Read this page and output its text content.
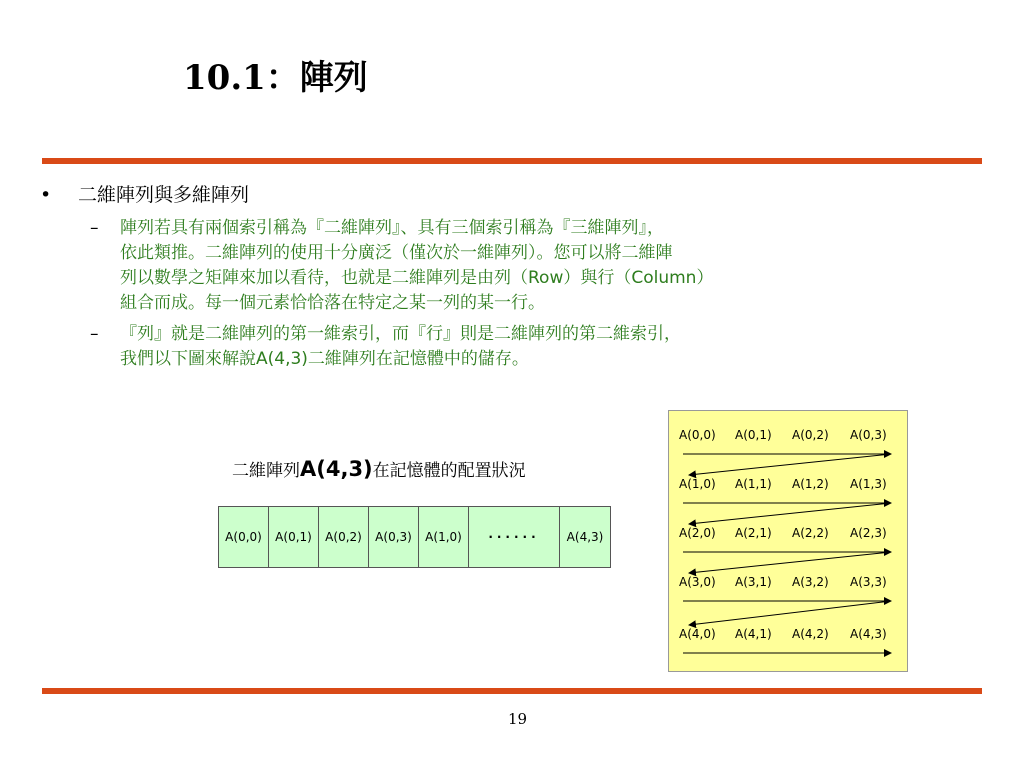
10.1：陣列
• 二維陣列與多維陣列
–	陣列若具有兩個索引稱為『二維陣列』、具有三個索引稱為『三維陣列』，
依此類推。二維陣列的使用十分廣泛（僅次於一維陣列）。您可以將二維陣
列以數學之矩陣來加以看待，也就是二維陣列是由列（Row）與行（Column）
組合而成。每一個元素恰恰落在特定之某一列的某一行。
–	『列』就是二維陣列的第一維索引，而『行』則是二維陣列的第二維索引，
我們以下圖來解說A(4,3)二維陣列在記憶體中的儲存。
二維陣列A(4,3)在記憶體的配置狀況
A(0,0)	A(0,1)	A(0,2)	A(0,3)	A(1,0)	······	A(4,3)
A(0,0) A(0,1) A(0,2) A(0,3)
A(1,0) A(1,1) A(1,2) A(1,3)
A(2,0) A(2,1) A(2,2) A(2,3)
A(3,0) A(3,1) A(3,2) A(3,3)
A(4,0) A(4,1) A(4,2) A(4,3)
19
